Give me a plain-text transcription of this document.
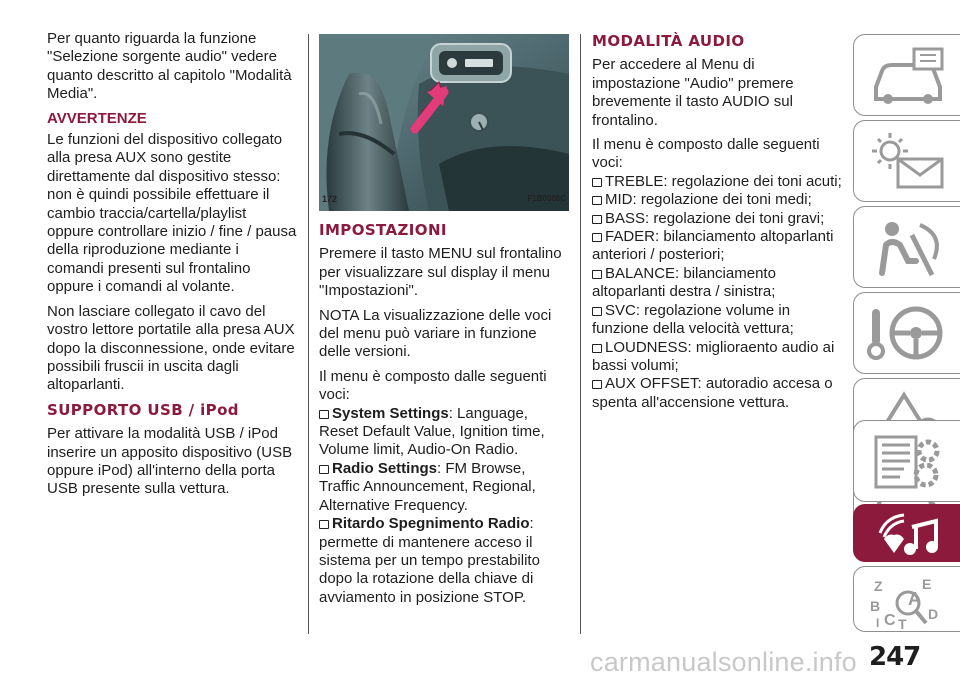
Per quanto riguarda la funzione "Selezione sorgente audio" vedere quanto descritto al capitolo "Modalità Media".

AVVERTENZE

Le funzioni del dispositivo collegato alla presa AUX sono gestite direttamente dal dispositivo stesso: non è quindi possibile effettuare il cambio traccia/cartella/playlist oppure controllare inizio / fine / pausa della riproduzione mediante i comandi presenti sul frontalino oppure i comandi al volante.

Non lasciare collegato il cavo del vostro lettore portatile alla presa AUX dopo la disconnessione, onde evitare possibili fruscii in uscita dagli altoparlanti.

SUPPORTO USB / iPod

Per attivare la modalità USB / iPod inserire un apposito dispositivo (USB oppure iPod) all'interno della porta USB presente sulla vettura.

172	F1B0006C
IMPOSTAZIONI

Premere il tasto MENU sul frontalino per visualizzare sul display il menu "Impostazioni".

NOTA La visualizzazione delle voci del menu può variare in funzione delle versioni.

Il menu è composto dalle seguenti voci:

System Settings: Language, Reset Default Value, Ignition time, Volume limit, Audio-On Radio.
Radio Settings: FM Browse, Traffic Announcement, Regional, Alternative Frequency.
Ritardo Spegnimento Radio: permette di mantenere acceso il sistema per un tempo prestabilito dopo la rotazione della chiave di avviamento in posizione STOP.
MODALITÀ AUDIO

Per accedere al Menu di impostazione "Audio" premere brevemente il tasto AUDIO sul frontalino.

Il menu è composto dalle seguenti voci:

TREBLE: regolazione dei toni acuti;
MID: regolazione dei toni medi;
BASS: regolazione dei toni gravi;
FADER: bilanciamento altoparlanti anteriori / posteriori;
BALANCE: bilanciamento altoparlanti destra / sinistra;
SVC: regolazione volume in funzione della velocità vettura;
LOUDNESS: miglioraento audio ai bassi volumi;
AUX OFFSET: autoradio accesa o spenta all'accensione vettura.
Z	E
A
B
C D
I T
247
carmanualsonline.info
